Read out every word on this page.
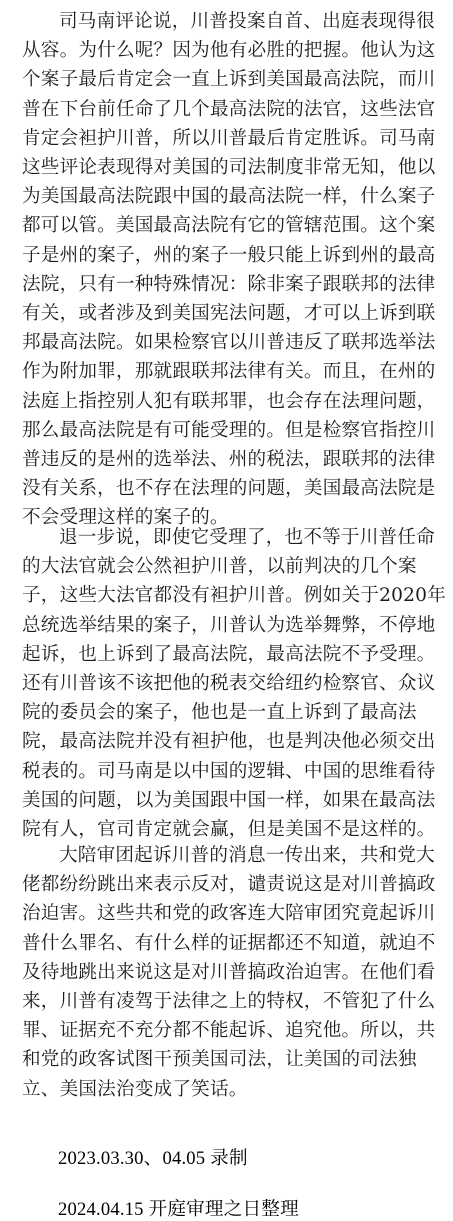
司马南评论说，川普投案自首、出庭表现得很
从容。为什么呢？因为他有必胜的把握。他认为这
个案子最后肯定会一直上诉到美国最高法院，而川
普在下台前任命了几个最高法院的法官，这些法官
肯定会袒护川普，所以川普最后肯定胜诉。司马南
这些评论表现得对美国的司法制度非常无知，他以
为美国最高法院跟中国的最高法院一样，什么案子
都可以管。美国最高法院有它的管辖范围。这个案
子是州的案子，州的案子一般只能上诉到州的最高
法院，只有一种特殊情况：除非案子跟联邦的法律
有关，或者涉及到美国宪法问题，才可以上诉到联
邦最高法院。如果检察官以川普违反了联邦选举法
作为附加罪，那就跟联邦法律有关。而且，在州的
法庭上指控别人犯有联邦罪，也会存在法理问题，
那么最高法院是有可能受理的。但是检察官指控川
普违反的是州的选举法、州的税法，跟联邦的法律
没有关系，也不存在法理的问题，美国最高法院是
不会受理这样的案子的。
退一步说，即使它受理了，也不等于川普任命
的大法官就会公然袒护川普，以前判决的几个案
子，这些大法官都没有袒护川普。例如关于2020年
总统选举结果的案子，川普认为选举舞弊，不停地
起诉，也上诉到了最高法院，最高法院不予受理。
还有川普该不该把他的税表交给纽约检察官、众议
院的委员会的案子，他也是一直上诉到了最高法
院，最高法院并没有袒护他，也是判决他必须交出
税表的。司马南是以中国的逻辑、中国的思维看待
美国的问题，以为美国跟中国一样，如果在最高法
院有人，官司肯定就会赢，但是美国不是这样的。
大陪审团起诉川普的消息一传出来，共和党大
佬都纷纷跳出来表示反对，谴责说这是对川普搞政
治迫害。这些共和党的政客连大陪审团究竟起诉川
普什么罪名、有什么样的证据都还不知道，就迫不
及待地跳出来说这是对川普搞政治迫害。在他们看
来，川普有凌驾于法律之上的特权，不管犯了什么
罪、证据充不充分都不能起诉、追究他。所以，共
和党的政客试图干预美国司法，让美国的司法独
立、美国法治变成了笑话。

2023.03.30、04.05 录制

2024.04.15 开庭审理之日整理
